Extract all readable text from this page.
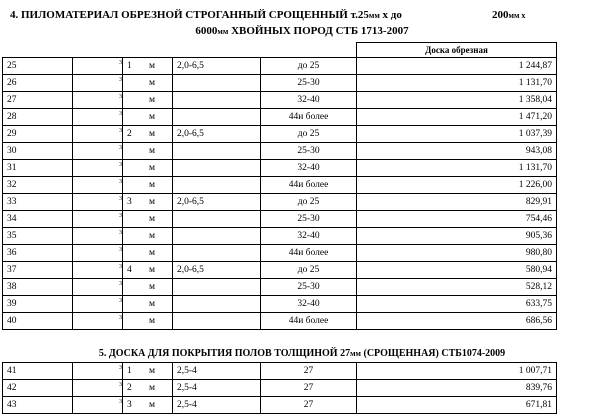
4. ПИЛОМАТЕРИАЛ ОБРЕЗНОЙ СТРОГАННЫЙ СРОЩЕННЫЙ т.25мм х до	200мм х
6000мм ХВОЙНЫХ ПОРОД СТБ 1713-2007
					Доска обрезная
25	$м^3$	1	2,0-6,5	до 25	1 244,87
26	$м^3$			25-30	1 131,70
27	$м^3$			32-40	1 358,04
28	$м^3$			44и более	1 471,20
29	$м^3$	2	2,0-6,5	до 25	1 037,39
30	$м^3$			25-30	943,08
31	$м^3$			32-40	1 131,70
32	$м^3$			44и более	1 226,00
33	$м^3$	3	2,0-6,5	до 25	829,91
34	$м^3$			25-30	754,46
35	$м^3$			32-40	905,36
36	$м^3$			44и более	980,80
37	$м^3$	4	2,0-6,5	до 25	580,94
38	$м^3$			25-30	528,12
39	$м^3$			32-40	633,75
40	$м^3$			44и более	686,56
5. ДОСКА ДЛЯ ПОКРЫТИЯ ПОЛОВ ТОЛЩИНОЙ 27мм (СРОЩЕННАЯ) СТБ1074-2009
41	$м^3$	1	2,5-4	27	1 007,71
42	$м^3$	2	2,5-4	27	839,76
43	$м^3$	3	2,5-4	27	671,81
